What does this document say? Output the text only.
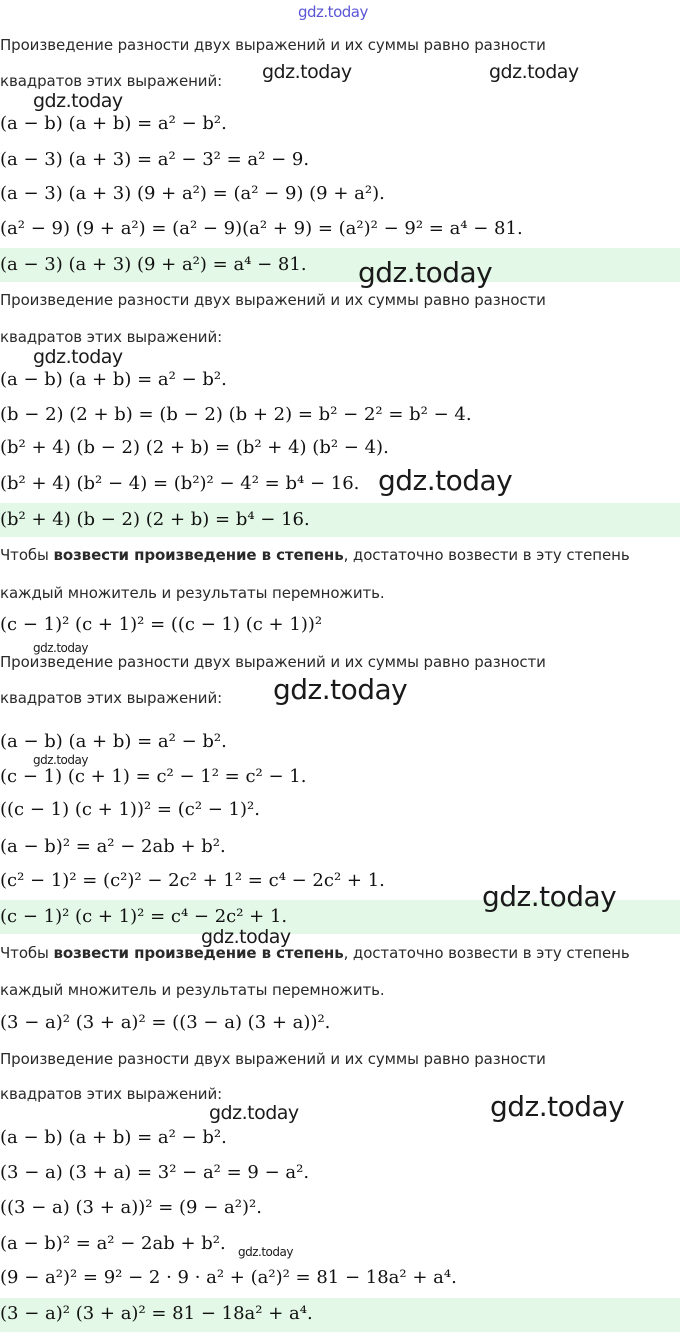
Произведение разности двух выражений и их суммы равно разности
квадратов этих выражений:
(a − b) (a + b) = a² − b².
(a − 3) (a + 3) = a² − 3² = a² − 9.
(a − 3) (a + 3) (9 + a²) = (a² − 9) (9 + a²).
(a² − 9) (9 + a²) = (a² − 9)(a² + 9) = (a²)² − 9² = a⁴ − 81.
(a − 3) (a + 3) (9 + a²) = a⁴ − 81.
Произведение разности двух выражений и их суммы равно разности
квадратов этих выражений:
(a − b) (a + b) = a² − b².
(b − 2) (2 + b) = (b − 2) (b + 2) = b² − 2² = b² − 4.
(b² + 4) (b − 2) (2 + b) = (b² + 4) (b² − 4).
(b² + 4) (b² − 4) = (b²)² − 4² = b⁴ − 16.
(b² + 4) (b − 2) (2 + b) = b⁴ − 16.
Чтобы возвести произведение в степень, достаточно возвести в эту степень
каждый множитель и результаты перемножить.
(c − 1)² (c + 1)² = ((c − 1) (c + 1))²
Произведение разности двух выражений и их суммы равно разности
квадратов этих выражений:
(a − b) (a + b) = a² − b².
(c − 1) (c + 1) = c² − 1² = c² − 1.
((c − 1) (c + 1))² = (c² − 1)².
(a − b)² = a² − 2ab + b².
(c² − 1)² = (c²)² − 2c² + 1² = c⁴ − 2c² + 1.
(c − 1)² (c + 1)² = c⁴ − 2c² + 1.
Чтобы возвести произведение в степень, достаточно возвести в эту степень
каждый множитель и результаты перемножить.
(3 − a)² (3 + a)² = ((3 − a) (3 + a))².
Произведение разности двух выражений и их суммы равно разности
квадратов этих выражений:
(a − b) (a + b) = a² − b².
(3 − a) (3 + a) = 3² − a² = 9 − a².
((3 − a) (3 + a))² = (9 − a²)².
(a − b)² = a² − 2ab + b².
(9 − a²)² = 9² − 2 · 9 · a² + (a²)² = 81 − 18a² + a⁴.
(3 − a)² (3 + a)² = 81 − 18a² + a⁴.
gdz.today
gdz.today	gdz.today
gdz.today
gdz.today
gdz.today
gdz.today
gdz.today
gdz.today
gdz.today
gdz.today
gdz.today
gdz.today	gdz.today
gdz.today
